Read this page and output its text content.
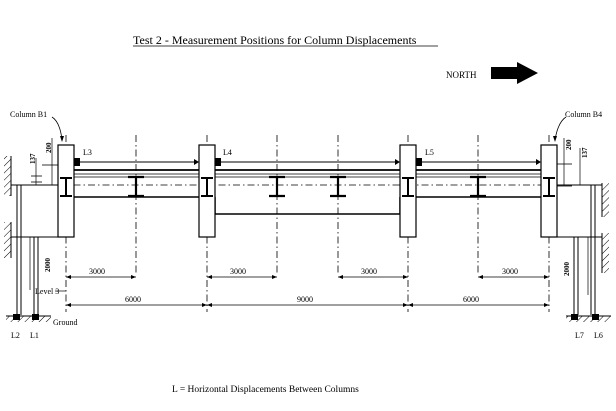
Test 2 - Measurement Positions for Column Displacements
NORTH
Column B1	Column B4
L3	L4	L5
200
137
2000
200
137
2000
3000	3000	3000	3000
6000	9000	6000
Level 3
Ground
L2 L1	L7 L6
L = Horizontal Displacements Between Columns
